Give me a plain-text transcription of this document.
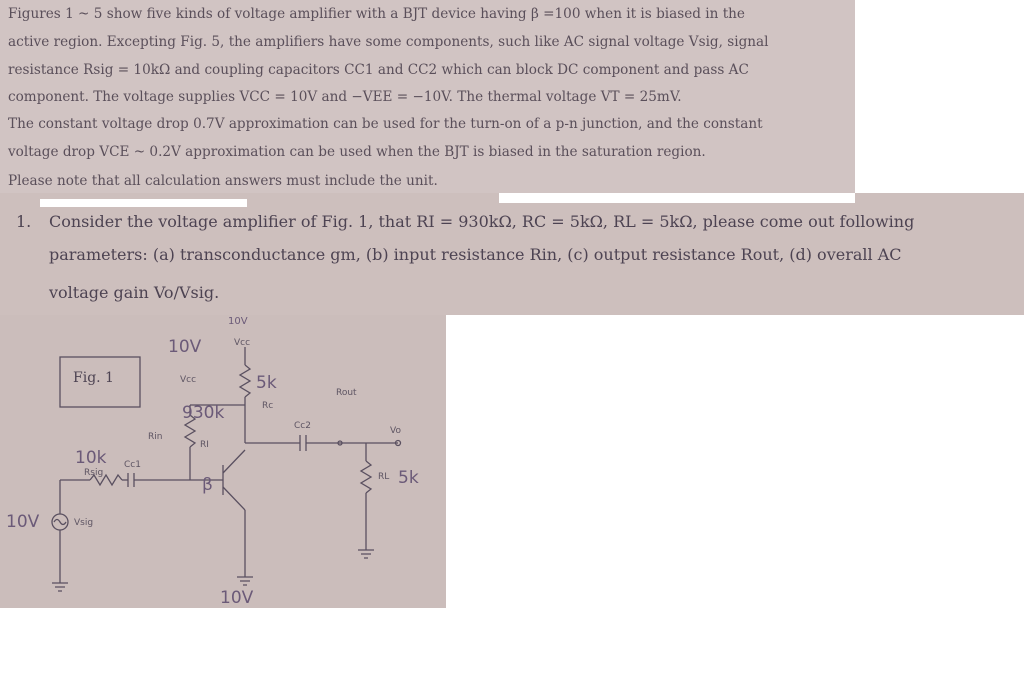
Figures 1 ~ 5 show five kinds of voltage amplifier with a BJT device having β =100 when it is biased in the
active region. Excepting Fig. 5, the amplifiers have some components, such like AC signal voltage Vsig, signal
resistance Rsig = 10kΩ and coupling capacitors CC1 and CC2 which can block DC component and pass AC
component. The voltage supplies VCC = 10V and −VEE = −10V. The thermal voltage VT = 25mV.
The constant voltage drop 0.7V approximation can be used for the turn-on of a p-n junction, and the constant
voltage drop VCE ~ 0.2V approximation can be used when the BJT is biased in the saturation region.
Please note that all calculation answers must include the unit.
1. Consider the voltage amplifier of Fig. 1, that RI = 930kΩ, RC = 5kΩ, RL = 5kΩ, please come out following
parameters: (a) transconductance gm, (b) input resistance Rin, (c) output resistance Rout, (d) overall AC
voltage gain Vo/Vsig.
Fig. 1
Vcc
Vcc
Rc
RI
Rin
Rsig
Cc1
Cc2
Rout
Vo
RL
Vsig
10V
10V
5k
930k
10k
5k
10V
10V
β
